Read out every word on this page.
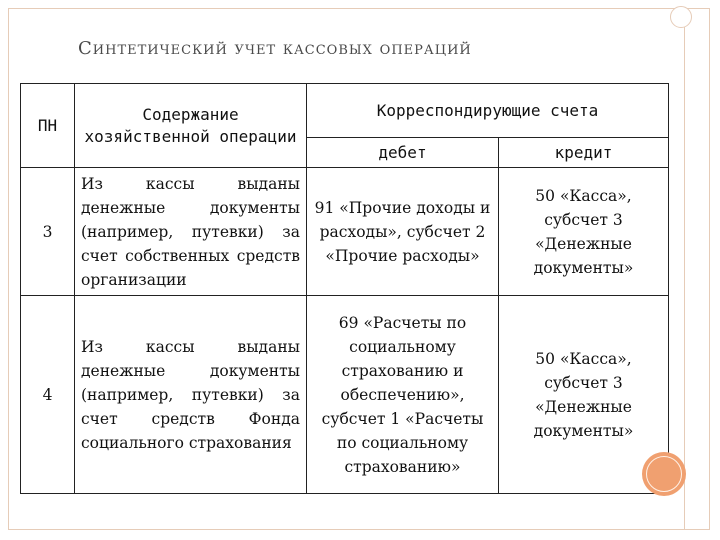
Синтетический учет кассовых операций
ПН	Содержание хозяйственной операции	Корреспондирующие счета	
		дебет	кредит
3	Из кассы выданы денежные документы (например, путевки) за счет собственных средств организации	91 «Прочие доходы и расходы», субсчет 2 «Прочие расходы»	50 «Касса», субсчет 3 «Денежные документы»
4	Из кассы выданы денежные документы (например, путевки) за счет средств Фонда социального страхования	69 «Расчеты по социальному страхованию и обеспечению», субсчет 1 «Расчеты по социальному страхованию»	50 «Касса», субсчет 3 «Денежные документы»
